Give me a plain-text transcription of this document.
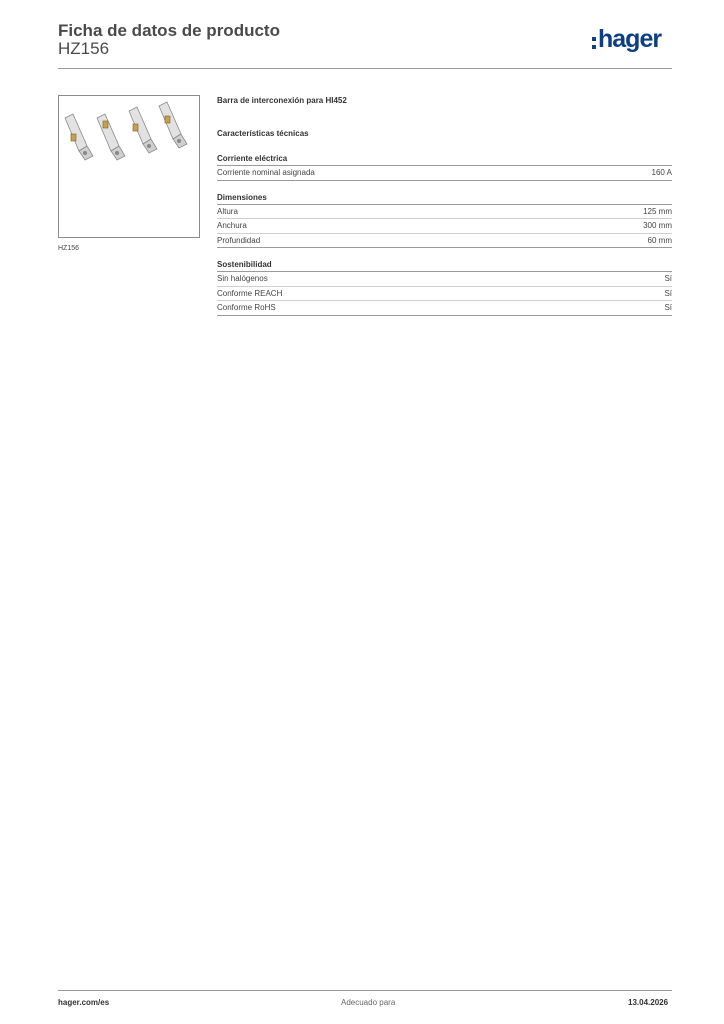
Ficha de datos de producto
HZ156	hager
HZ156
Barra de interconexión para HI452
Características técnicas
Corriente eléctrica
Corriente nominal asignada	160 A
Dimensiones
Altura	125 mm
Anchura	300 mm
Profundidad	60 mm
Sostenibilidad
Sin halógenos	Sí
Conforme REACH	Sí
Conforme RoHS	Sí
hager.com/es	Adecuado para	13.04.2026
